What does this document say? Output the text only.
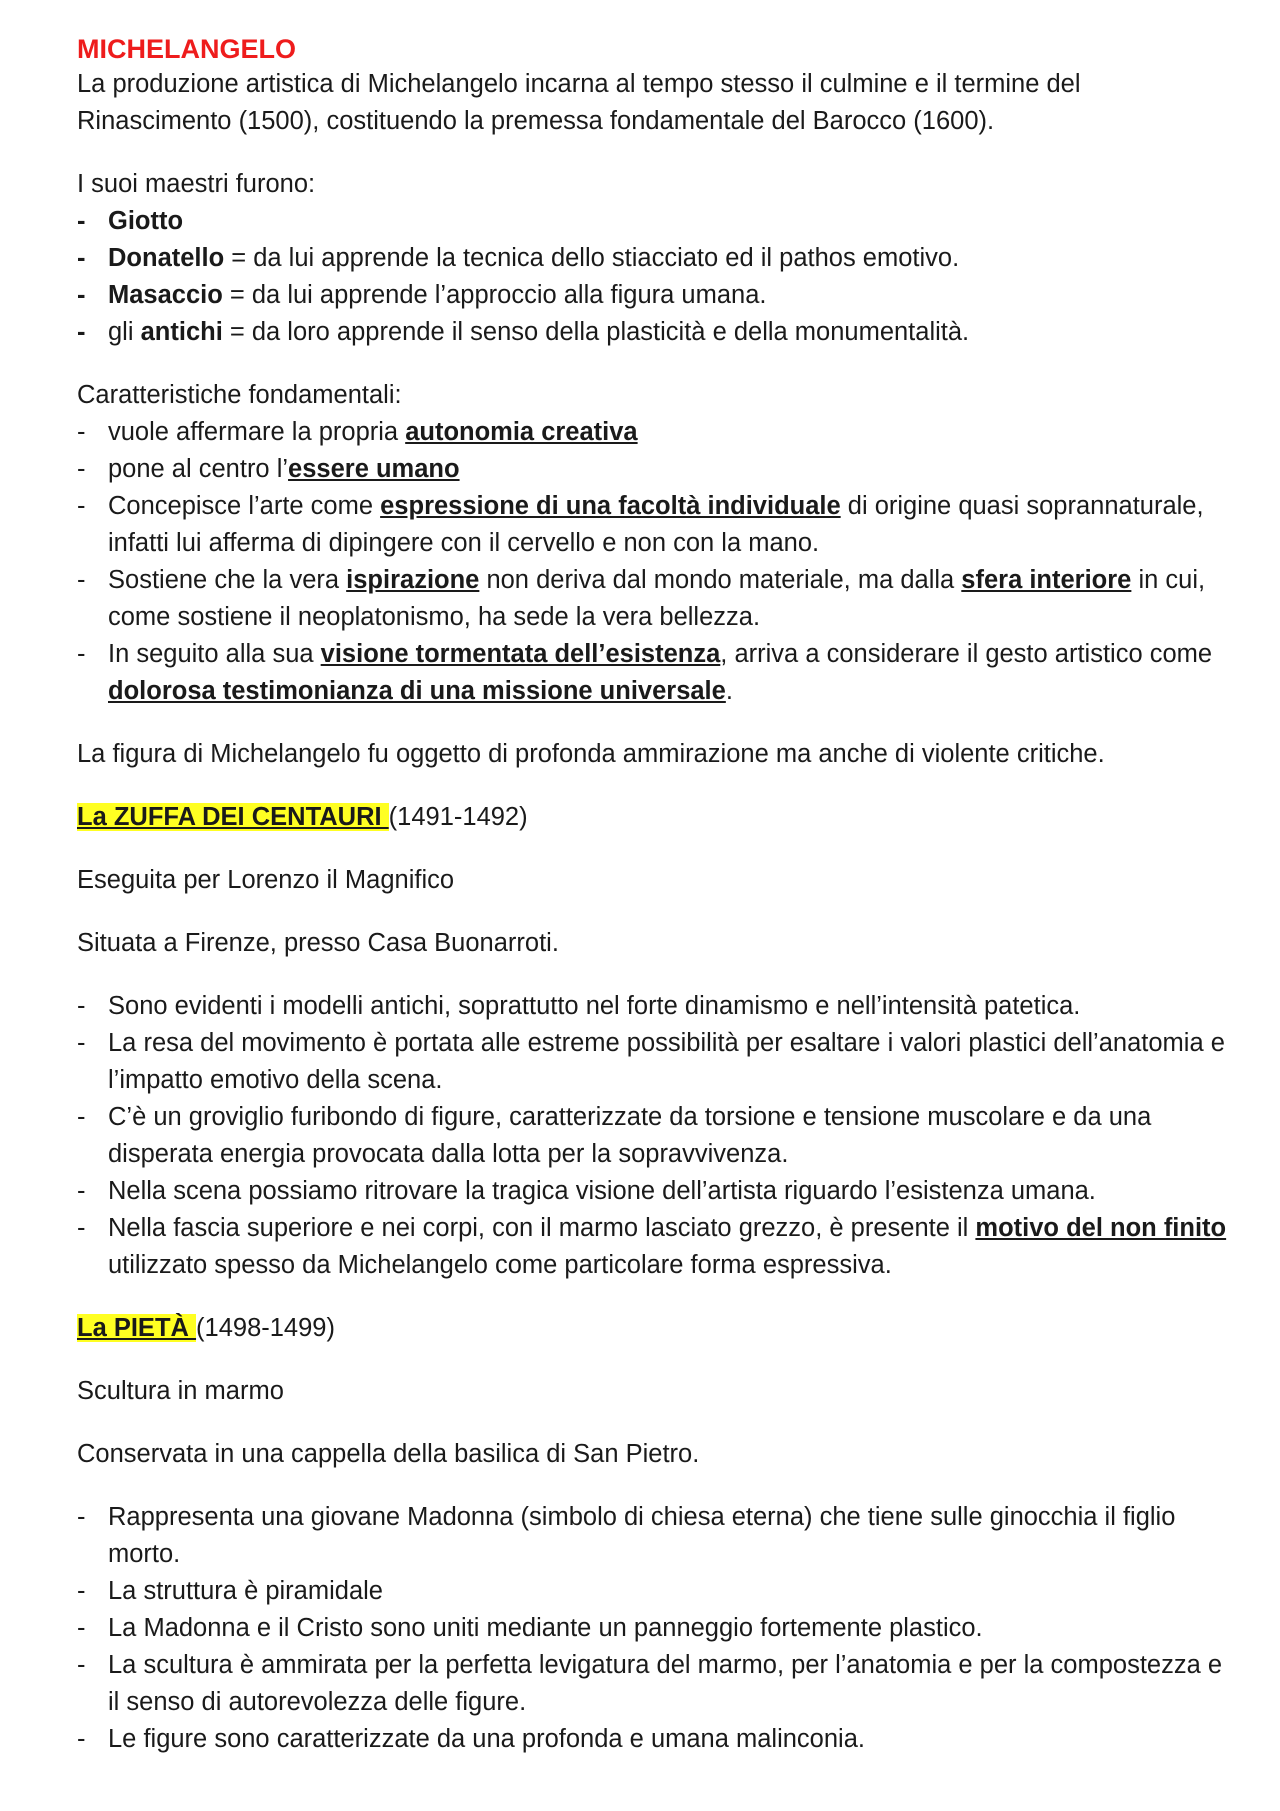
MICHELANGELO

La produzione artistica di Michelangelo incarna al tempo stesso il culmine e il termine del
Rinascimento (1500), costituendo la premessa fondamentale del Barocco (1600).

I suoi maestri furono:

- Giotto
- Donatello = da lui apprende la tecnica dello stiacciato ed il pathos emotivo.
- Masaccio = da lui apprende l’approccio alla figura umana.
- gli antichi = da loro apprende il senso della plasticità e della monumentalità.

Caratteristiche fondamentali:

- vuole affermare la propria autonomia creativa
- pone al centro l’essere umano
- Concepisce l’arte come espressione di una facoltà individuale di origine quasi soprannaturale, infatti lui afferma di dipingere con il cervello e non con la mano.
- Sostiene che la vera ispirazione non deriva dal mondo materiale, ma dalla sfera interiore in cui, come sostiene il neoplatonismo, ha sede la vera bellezza.
- In seguito alla sua visione tormentata dell’esistenza, arriva a considerare il gesto artistico come dolorosa testimonianza di una missione universale.

La figura di Michelangelo fu oggetto di profonda ammirazione ma anche di violente critiche.

La ZUFFA DEI CENTAURI (1491-1492)

Eseguita per Lorenzo il Magnifico

Situata a Firenze, presso Casa Buonarroti.

- Sono evidenti i modelli antichi, soprattutto nel forte dinamismo e nell’intensità patetica.
- La resa del movimento è portata alle estreme possibilità per esaltare i valori plastici dell’anatomia e l’impatto emotivo della scena.
- C’è un groviglio furibondo di figure, caratterizzate da torsione e tensione muscolare e da una disperata energia provocata dalla lotta per la sopravvivenza.
- Nella scena possiamo ritrovare la tragica visione dell’artista riguardo l’esistenza umana.
- Nella fascia superiore e nei corpi, con il marmo lasciato grezzo, è presente il motivo del non finito utilizzato spesso da Michelangelo come particolare forma espressiva.

La PIETÀ (1498-1499)

Scultura in marmo

Conservata in una cappella della basilica di San Pietro.

- Rappresenta una giovane Madonna (simbolo di chiesa eterna) che tiene sulle ginocchia il figlio morto.
- La struttura è piramidale
- La Madonna e il Cristo sono uniti mediante un panneggio fortemente plastico.
- La scultura è ammirata per la perfetta levigatura del marmo, per l’anatomia e per la compostezza e il senso di autorevolezza delle figure.
- Le figure sono caratterizzate da una profonda e umana malinconia.
